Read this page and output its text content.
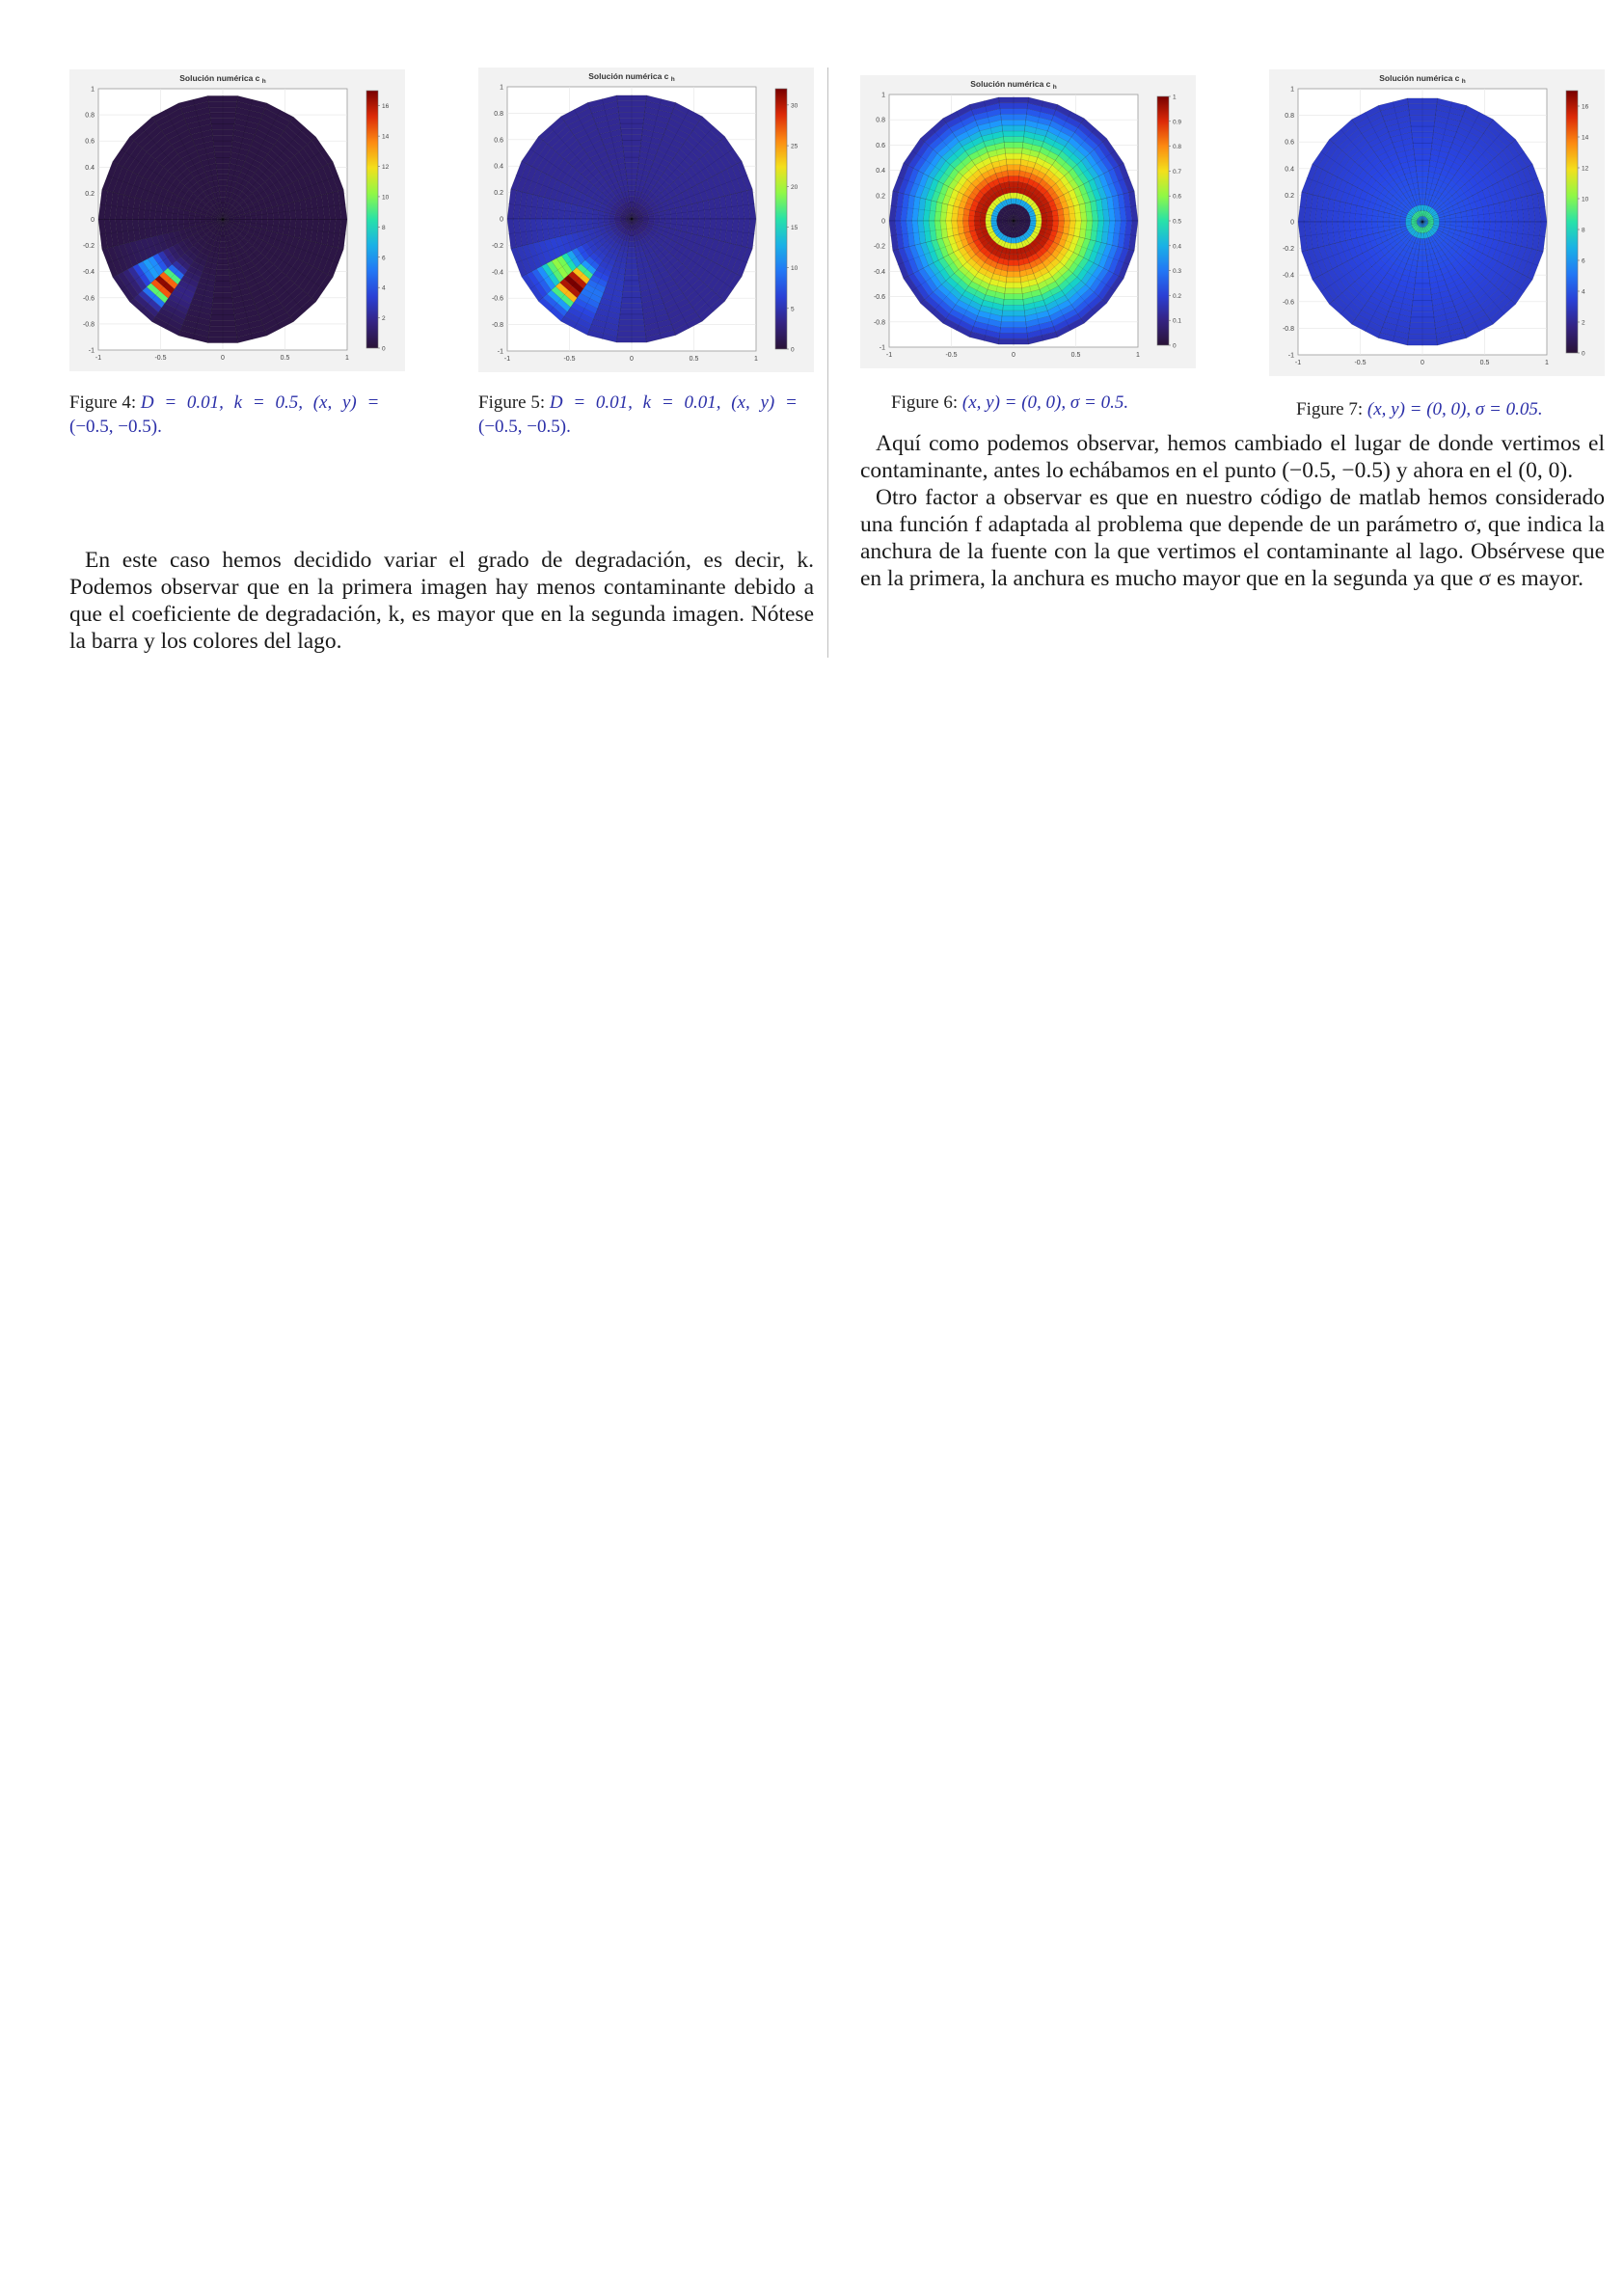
Solución numérica c $_h$
-1	-0.5	0	0.5	1
1
0.8
0.6
0.4
0.2
0
-0.2
-0.4
-0.6
-0.8
-1
16
14
12
10
8
6
4
2
0
Figure 4: D = 0.01, k = 0.5, (x, y) =
(−0.5, −0.5).
Solución numérica c $_h$
-1	-0.5	0	0.5	1
1
0.8
0.6
0.4
0.2
0
-0.2
-0.4
-0.6
-0.8
-1
30
25
20
15
10
5
0
Figure 5: D = 0.01, k = 0.01, (x, y) =
(−0.5, −0.5).
Solución numérica c $_h$
-1	-0.5	0	0.5	1
1
0.8
0.6
0.4
0.2
0
-0.2
-0.4
-0.6
-0.8
-1
1
0.9
0.8
0.7
0.6
0.5
0.4
0.3
0.2
0.1
0
Figure 6: (x, y) = (0, 0), σ = 0.5.
Solución numérica c $_h$
-1	-0.5	0	0.5	1
1
0.8
0.6
0.4
0.2
0
-0.2
-0.4
-0.6
-0.8
-1
16
14
12
10
8
6
4
2
0
Figure 7: (x, y) = (0, 0), σ = 0.05.

Aquí como podemos observar, hemos cambiado el lugar de donde vertimos el contaminante, antes lo echábamos en el punto (−0.5, −0.5) y ahora en el (0, 0).

Otro factor a observar es que en nuestro código de matlab hemos considerado una función f adaptada al problema que depende de un parámetro σ, que indica la anchura de la fuente con la que vertimos el contaminante al lago. Obsérvese que en la primera, la anchura es mucho mayor que en la segunda ya que σ es mayor.

En este caso hemos decidido variar el grado de degradación, es decir, k. Podemos observar que en la primera imagen hay menos contaminante debido a que el coeficiente de degradación, k, es mayor que en la segunda imagen. Nótese la barra y los colores del lago.
